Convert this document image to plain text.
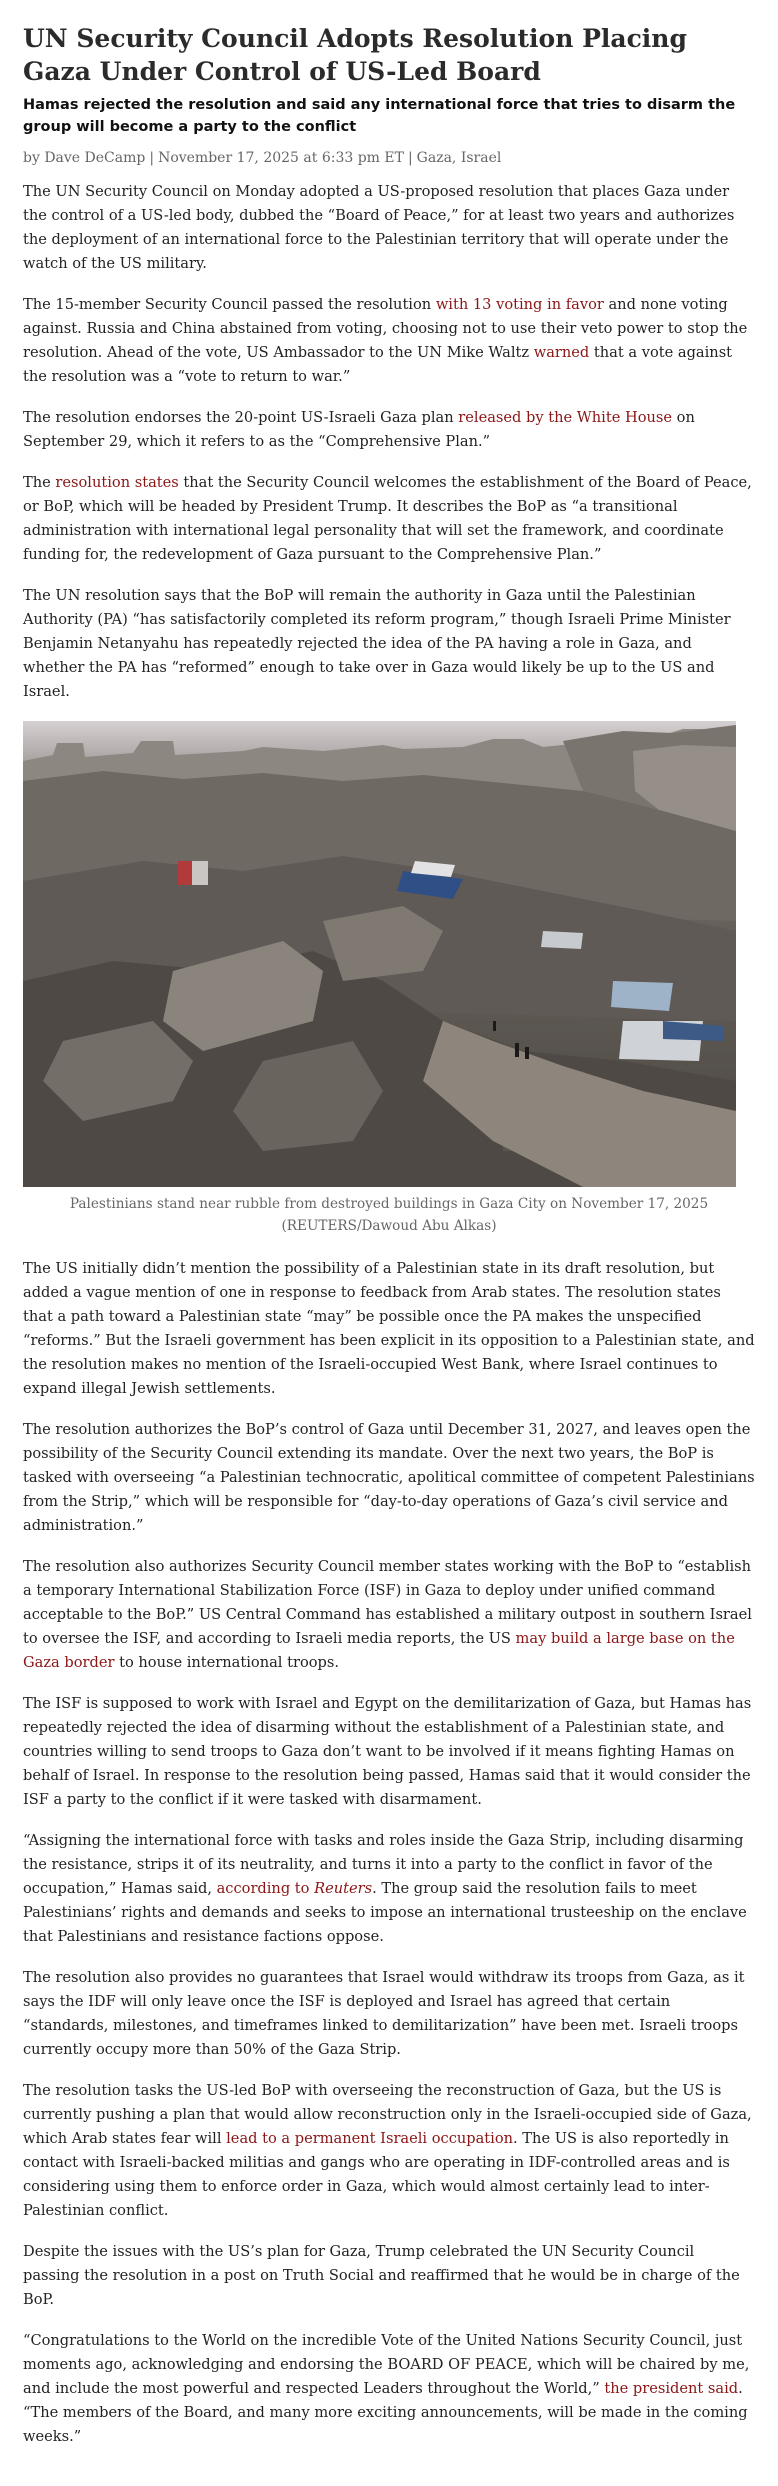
UN Security Council Adopts Resolution Placing Gaza Under Control of US-Led Board
Hamas rejected the resolution and said any international force that tries to disarm the group will become a party to the conflict
by Dave DeCamp | November 17, 2025 at 6:33 pm ET | Gaza, Israel

The UN Security Council on Monday adopted a US-proposed resolution that places Gaza under the control of a US-led body, dubbed the “Board of Peace,” for at least two years and authorizes the deployment of an international force to the Palestinian territory that will operate under the watch of the US military.

The 15-member Security Council passed the resolution with 13 voting in favor and none voting against. Russia and China abstained from voting, choosing not to use their veto power to stop the resolution. Ahead of the vote, US Ambassador to the UN Mike Waltz warned that a vote against the resolution was a “vote to return to war.”

The resolution endorses the 20-point US-Israeli Gaza plan released by the White House on September 29, which it refers to as the “Comprehensive Plan.”

The resolution states that the Security Council welcomes the establishment of the Board of Peace, or BoP, which will be headed by President Trump. It describes the BoP as “a transitional administration with international legal personality that will set the framework, and coordinate funding for, the redevelopment of Gaza pursuant to the Comprehensive Plan.”

The UN resolution says that the BoP will remain the authority in Gaza until the Palestinian Authority (PA) “has satisfactorily completed its reform program,” though Israeli Prime Minister Benjamin Netanyahu has repeatedly rejected the idea of the PA having a role in Gaza, and whether the PA has “reformed” enough to take over in Gaza would likely be up to the US and Israel.

Palestinians stand near rubble from destroyed buildings in Gaza City on November 17, 2025 (REUTERS/Dawoud Abu Alkas)

The US initially didn’t mention the possibility of a Palestinian state in its draft resolution, but added a vague mention of one in response to feedback from Arab states. The resolution states that a path toward a Palestinian state “may” be possible once the PA makes the unspecified “reforms.” But the Israeli government has been explicit in its opposition to a Palestinian state, and the resolution makes no mention of the Israeli-occupied West Bank, where Israel continues to expand illegal Jewish settlements.

The resolution authorizes the BoP’s control of Gaza until December 31, 2027, and leaves open the possibility of the Security Council extending its mandate. Over the next two years, the BoP is tasked with overseeing “a Palestinian technocratic, apolitical committee of competent Palestinians from the Strip,” which will be responsible for “day-to-day operations of Gaza’s civil service and administration.”

The resolution also authorizes Security Council member states working with the BoP to “establish a temporary International Stabilization Force (ISF) in Gaza to deploy under unified command acceptable to the BoP.” US Central Command has established a military outpost in southern Israel to oversee the ISF, and according to Israeli media reports, the US may build a large base on the Gaza border to house international troops.

The ISF is supposed to work with Israel and Egypt on the demilitarization of Gaza, but Hamas has repeatedly rejected the idea of disarming without the establishment of a Palestinian state, and countries willing to send troops to Gaza don’t want to be involved if it means fighting Hamas on behalf of Israel. In response to the resolution being passed, Hamas said that it would consider the ISF a party to the conflict if it were tasked with disarmament.

“Assigning the international force with tasks and roles inside the Gaza Strip, including disarming the resistance, strips it of its neutrality, and turns it into a party to the conflict in favor of the occupation,” Hamas said, according to Reuters. The group said the resolution fails to meet Palestinians’ rights and demands and seeks to impose an international trusteeship on the enclave that Palestinians and resistance factions oppose.

The resolution also provides no guarantees that Israel would withdraw its troops from Gaza, as it says the IDF will only leave once the ISF is deployed and Israel has agreed that certain “standards, milestones, and timeframes linked to demilitarization” have been met. Israeli troops currently occupy more than 50% of the Gaza Strip.

The resolution tasks the US-led BoP with overseeing the reconstruction of Gaza, but the US is currently pushing a plan that would allow reconstruction only in the Israeli-occupied side of Gaza, which Arab states fear will lead to a permanent Israeli occupation. The US is also reportedly in contact with Israeli-backed militias and gangs who are operating in IDF-controlled areas and is considering using them to enforce order in Gaza, which would almost certainly lead to inter-Palestinian conflict.

Despite the issues with the US’s plan for Gaza, Trump celebrated the UN Security Council passing the resolution in a post on Truth Social and reaffirmed that he would be in charge of the BoP.

“Congratulations to the World on the incredible Vote of the United Nations Security Council, just moments ago, acknowledging and endorsing the BOARD OF PEACE, which will be chaired by me, and include the most powerful and respected Leaders throughout the World,” the president said. “The members of the Board, and many more exciting announcements, will be made in the coming weeks.”
